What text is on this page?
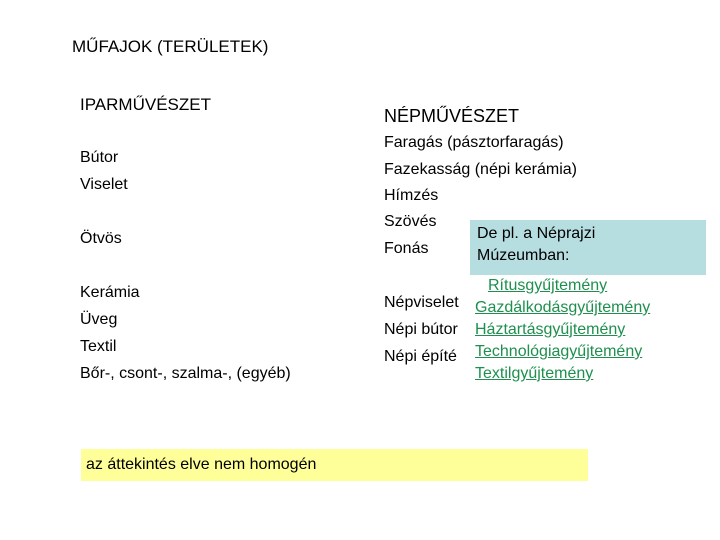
MŰFAJOK (TERÜLETEK)
IPARMŰVÉSZET
Bútor
Viselet
Ötvös
Kerámia
Üveg
Textil
Bőr-, csont-, szalma-, (egyéb)
NÉPMŰVÉSZET
Faragás (pásztorfaragás)
Fazekasság (népi kerámia)
Hímzés
Szövés
Fonás
Népviselet
Népi bútor
Népi építé
De pl. a Néprajzi
Múzeumban:
Rítusgyűjtemény
Gazdálkodásgyűjtemény
Háztartásgyűjtemény
Technológiagyűjtemény
Textilgyűjtemény
az áttekintés elve nem homogén
